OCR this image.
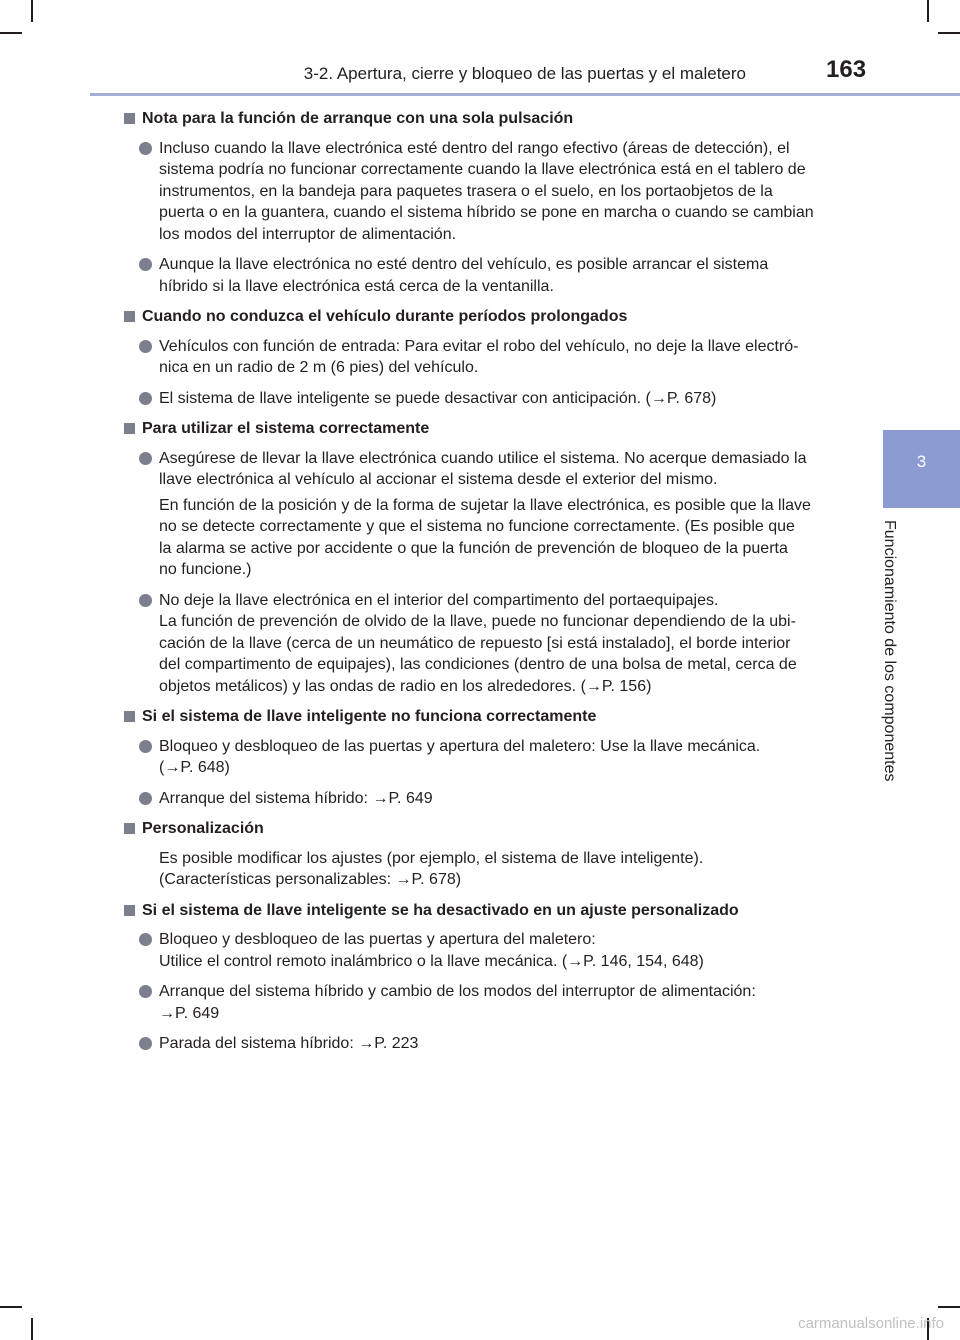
3-2. Apertura, cierre y bloqueo de las puertas y el maletero	163
3
Funcionamiento de los componentes
Nota para la función de arranque con una sola pulsación
Incluso cuando la llave electrónica esté dentro del rango efectivo (áreas de detección), el
sistema podría no funcionar correctamente cuando la llave electrónica está en el tablero de
instrumentos, en la bandeja para paquetes trasera o el suelo, en los portaobjetos de la
puerta o en la guantera, cuando el sistema híbrido se pone en marcha o cuando se cambian
los modos del interruptor de alimentación.
Aunque la llave electrónica no esté dentro del vehículo, es posible arrancar el sistema
híbrido si la llave electrónica está cerca de la ventanilla.
Cuando no conduzca el vehículo durante períodos prolongados
Vehículos con función de entrada: Para evitar el robo del vehículo, no deje la llave electró-
nica en un radio de 2 m (6 pies) del vehículo.
El sistema de llave inteligente se puede desactivar con anticipación. (→P. 678)
Para utilizar el sistema correctamente
Asegúrese de llevar la llave electrónica cuando utilice el sistema. No acerque demasiado la
llave electrónica al vehículo al accionar el sistema desde el exterior del mismo.
En función de la posición y de la forma de sujetar la llave electrónica, es posible que la llave
no se detecte correctamente y que el sistema no funcione correctamente. (Es posible que
la alarma se active por accidente o que la función de prevención de bloqueo de la puerta
no funcione.)
No deje la llave electrónica en el interior del compartimento del portaequipajes.
La función de prevención de olvido de la llave, puede no funcionar dependiendo de la ubi-
cación de la llave (cerca de un neumático de repuesto [si está instalado], el borde interior
del compartimento de equipajes), las condiciones (dentro de una bolsa de metal, cerca de
objetos metálicos) y las ondas de radio en los alrededores. (→P. 156)
Si el sistema de llave inteligente no funciona correctamente
Bloqueo y desbloqueo de las puertas y apertura del maletero: Use la llave mecánica.
(→P. 648)
Arranque del sistema híbrido: →P. 649
Personalización
Es posible modificar los ajustes (por ejemplo, el sistema de llave inteligente).
(Características personalizables: →P. 678)
Si el sistema de llave inteligente se ha desactivado en un ajuste personalizado
Bloqueo y desbloqueo de las puertas y apertura del maletero:
Utilice el control remoto inalámbrico o la llave mecánica. (→P. 146, 154, 648)
Arranque del sistema híbrido y cambio de los modos del interruptor de alimentación:
→P. 649
Parada del sistema híbrido: →P. 223
carmanualsonline.info
